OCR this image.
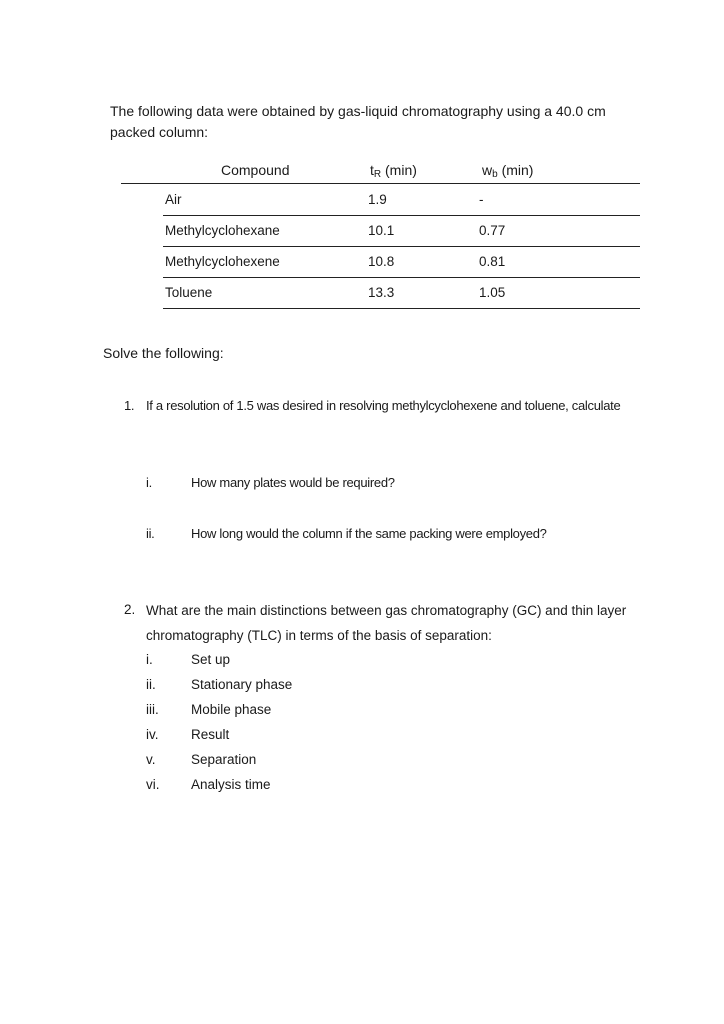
The following data were obtained by gas-liquid chromatography using a 40.0 cm packed column:
Compound	tR (min)	wb (min)
Air	1.9	-
Methylcyclohexane	10.1	0.77
Methylcyclohexene	10.8	0.81
Toluene	13.3	1.05
Solve the following:
1. If a resolution of 1.5 was desired in resolving methylcyclohexene and toluene, calculate
i.	How many plates would be required?
ii.	How long would the column if the same packing were employed?
2. What are the main distinctions between gas chromatography (GC) and thin layer chromatography (TLC) in terms of the basis of separation:
i.	Set up
ii.	Stationary phase
iii. Mobile phase
iv. Result
v.	Separation
vi. Analysis time
